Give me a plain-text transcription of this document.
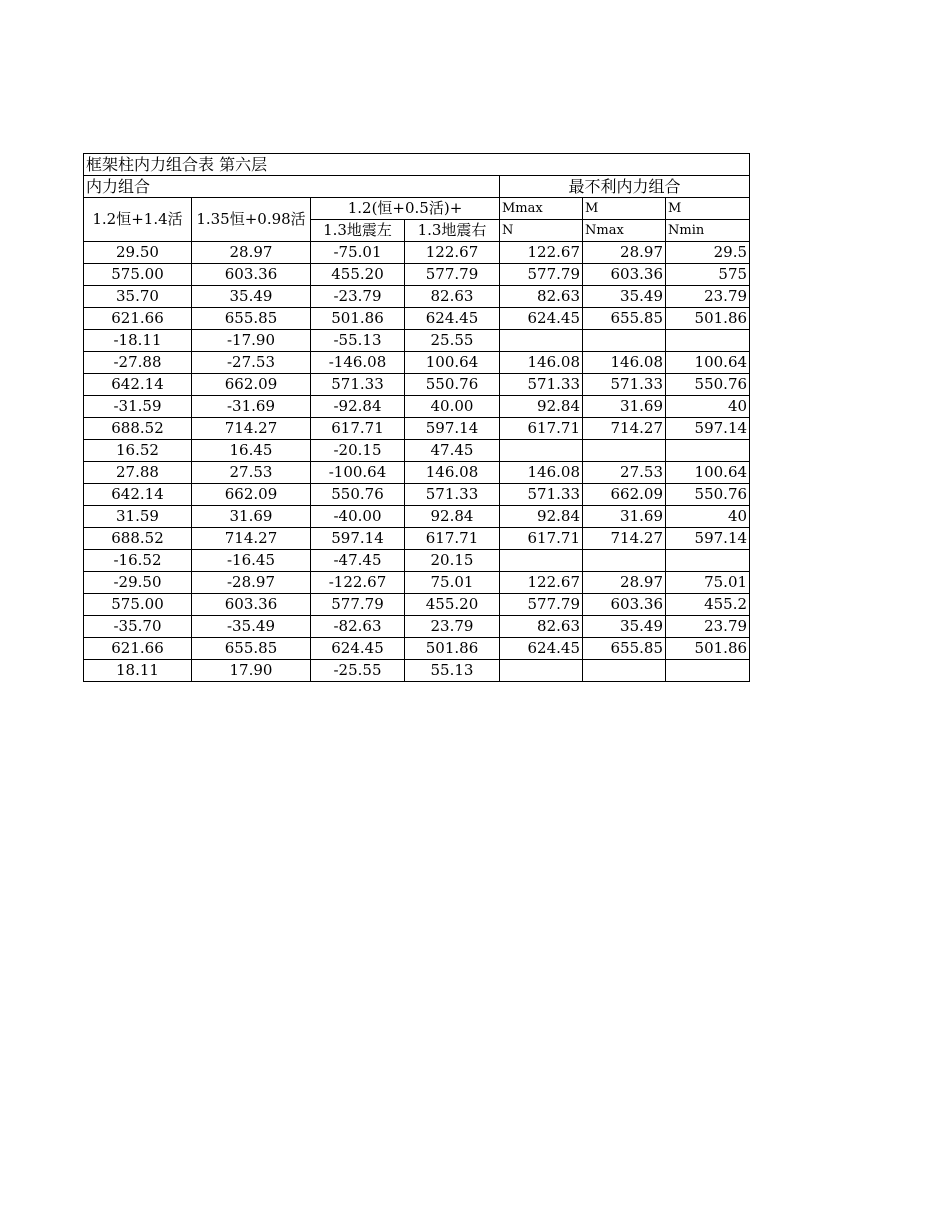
框架柱内力组合表 第六层						
内力组合				最不利内力组合		
1.2恒+1.4活	1.35恒+0.98活	1.2(恒+0.5活)+		Mmax	M	M
		1.3地震左	1.3地震右	N	Nmax	Nmin
29.50	28.97	-75.01	122.67	122.67	28.97	29.5
575.00	603.36	455.20	577.79	577.79	603.36	575
35.70	35.49	-23.79	82.63	82.63	35.49	23.79
621.66	655.85	501.86	624.45	624.45	655.85	501.86
-18.11	-17.90	-55.13	25.55			
-27.88	-27.53	-146.08	100.64	146.08	146.08	100.64
642.14	662.09	571.33	550.76	571.33	571.33	550.76
-31.59	-31.69	-92.84	40.00	92.84	31.69	40
688.52	714.27	617.71	597.14	617.71	714.27	597.14
16.52	16.45	-20.15	47.45			
27.88	27.53	-100.64	146.08	146.08	27.53	100.64
642.14	662.09	550.76	571.33	571.33	662.09	550.76
31.59	31.69	-40.00	92.84	92.84	31.69	40
688.52	714.27	597.14	617.71	617.71	714.27	597.14
-16.52	-16.45	-47.45	20.15			
-29.50	-28.97	-122.67	75.01	122.67	28.97	75.01
575.00	603.36	577.79	455.20	577.79	603.36	455.2
-35.70	-35.49	-82.63	23.79	82.63	35.49	23.79
621.66	655.85	624.45	501.86	624.45	655.85	501.86
18.11	17.90	-25.55	55.13			
